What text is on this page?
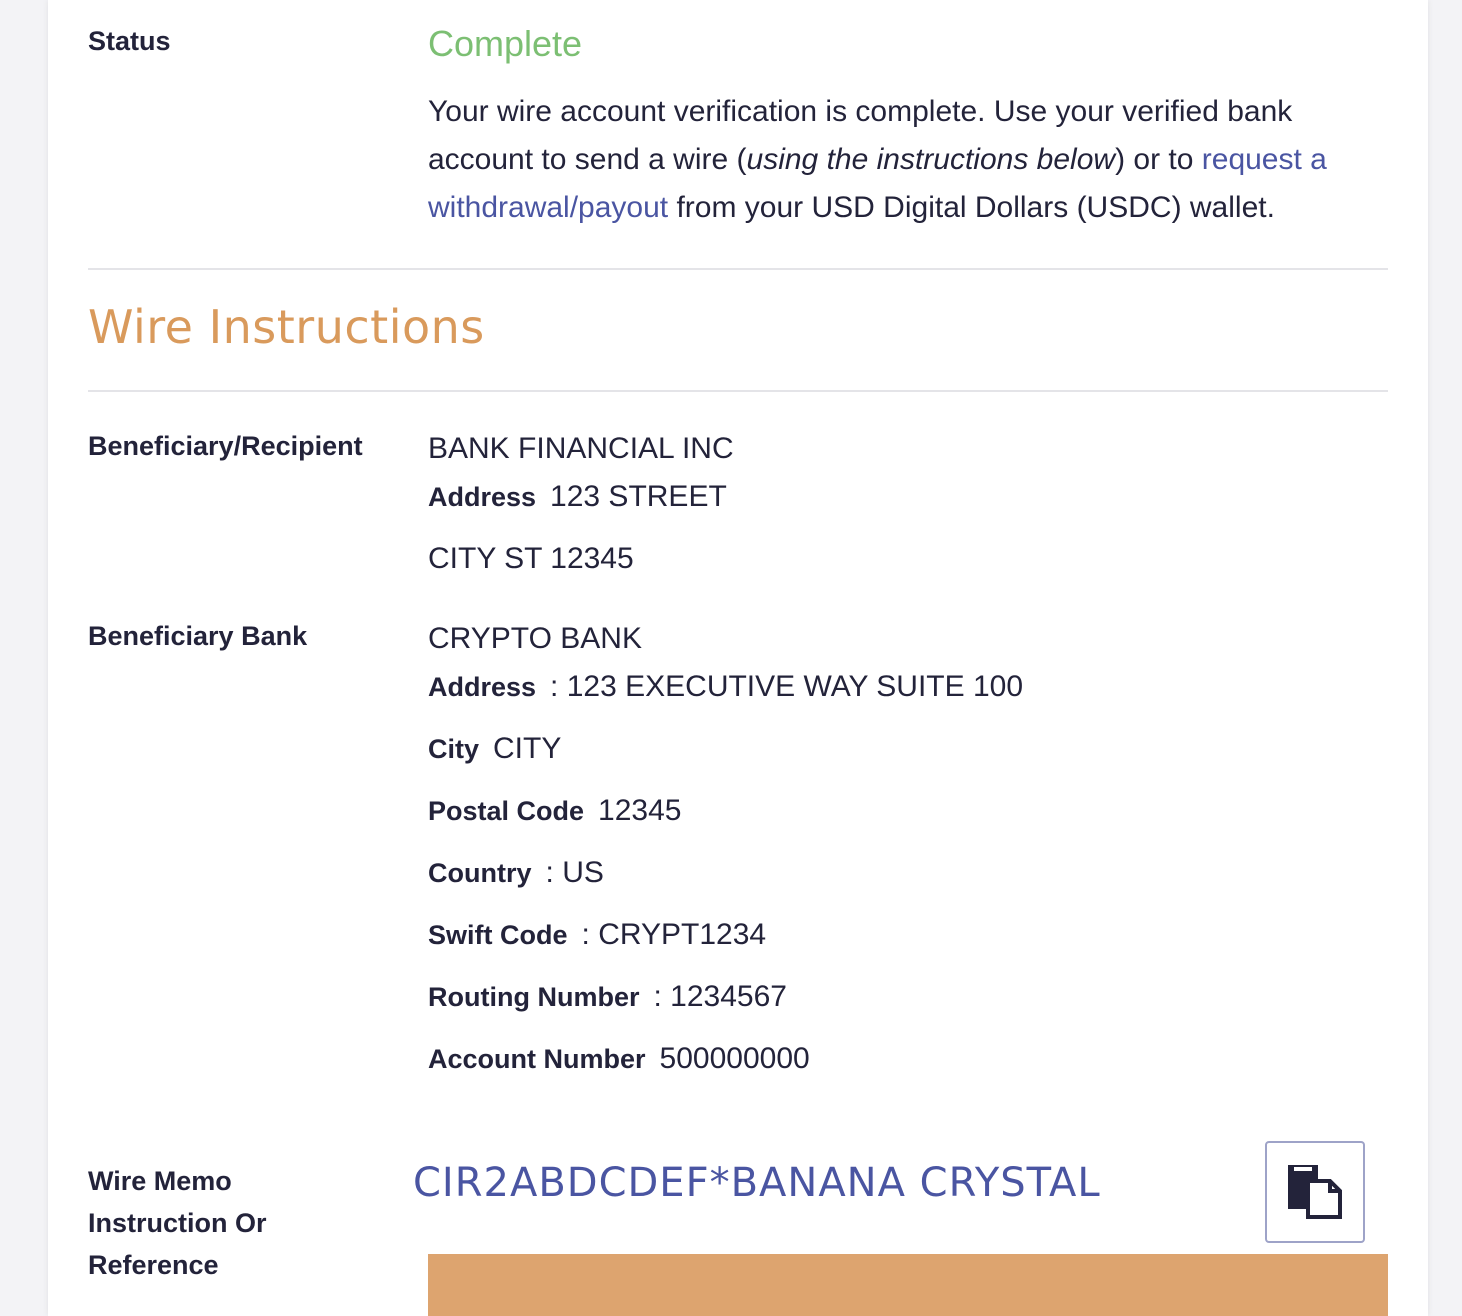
Status	Complete
Your wire account verification is complete. Use your verified bank account to send a wire (using the instructions below) or to request a withdrawal/payout from your USD Digital Dollars (USDC) wallet.
Wire Instructions
Beneficiary/Recipient BANK FINANCIAL INC
Address 123 STREET
CITY ST 12345
Beneficiary Bank	CRYPTO BANK
Address : 123 EXECUTIVE WAY SUITE 100
City CITY
Postal Code 12345
Country : US
Swift Code : CRYPT1234
Routing Number : 1234567
Account Number 500000000
Wire Memo
Instruction Or
Reference
CIR2ABDCDEF*BANANA CRYSTAL
